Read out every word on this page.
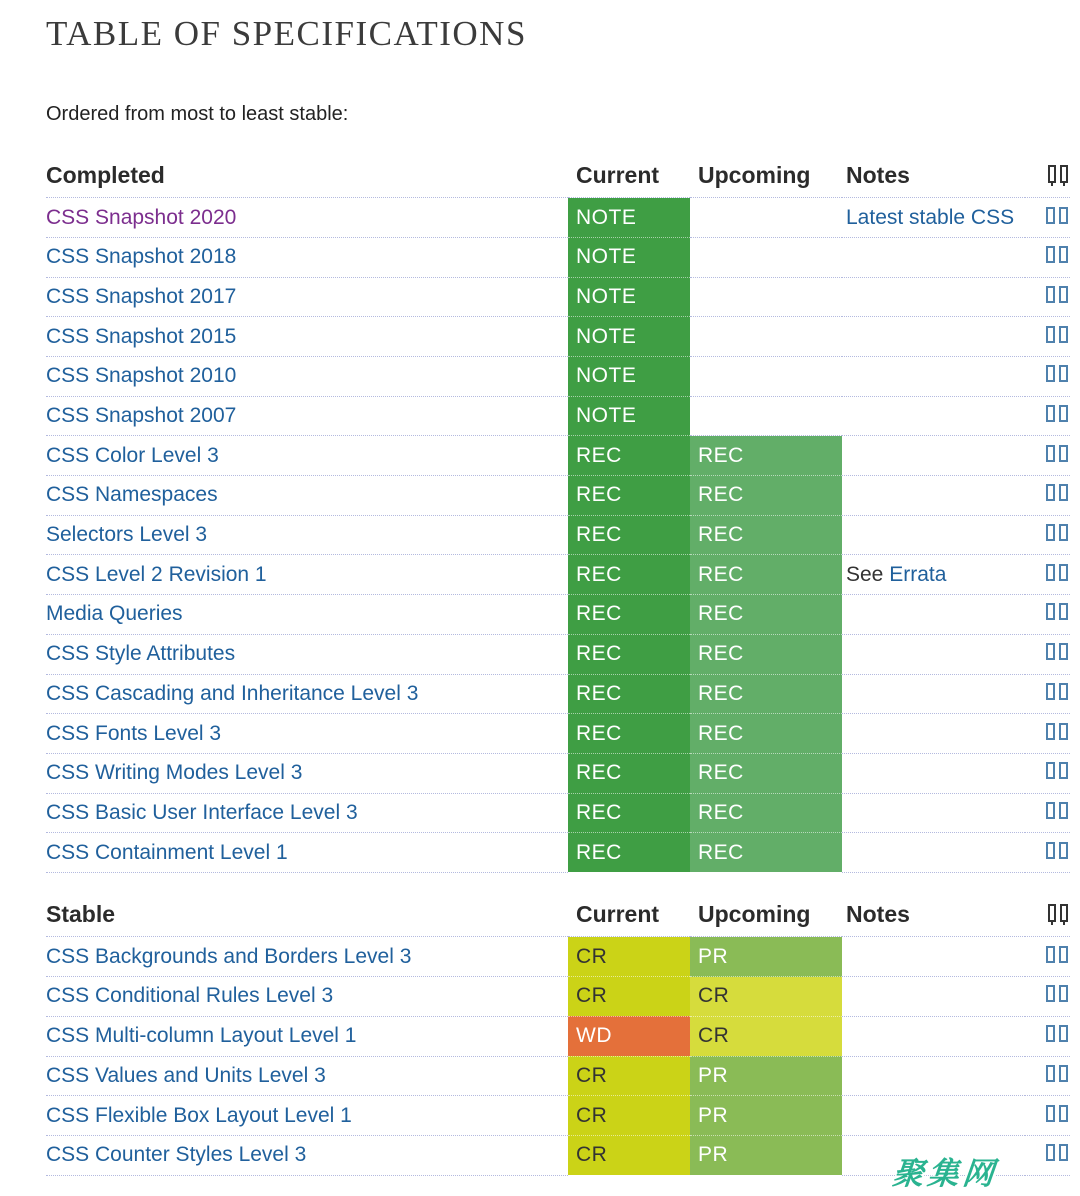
TABLE OF SPECIFICATIONS

Ordered from most to least stable:

Completed	Current	Upcoming	Notes	

CSS Snapshot 2020	NOTE		Latest stable CSS	

CSS Snapshot 2018	NOTE			

CSS Snapshot 2017	NOTE			

CSS Snapshot 2015	NOTE			

CSS Snapshot 2010	NOTE			

CSS Snapshot 2007	NOTE			

CSS Color Level 3	REC	REC		

CSS Namespaces	REC	REC		

Selectors Level 3	REC	REC		

CSS Level 2 Revision 1	REC	REC	See Errata	

Media Queries	REC	REC		

CSS Style Attributes	REC	REC		

CSS Cascading and Inheritance Level 3	REC	REC		

CSS Fonts Level 3	REC	REC		

CSS Writing Modes Level 3	REC	REC		

CSS Basic User Interface Level 3	REC	REC		

CSS Containment Level 1	REC	REC		
Stable	Current	Upcoming	Notes	

CSS Backgrounds and Borders Level 3	CR	PR		

CSS Conditional Rules Level 3	CR	CR		

CSS Multi-column Layout Level 1	WD	CR		

CSS Values and Units Level 3	CR	PR		

CSS Flexible Box Layout Level 1	CR	PR		

CSS Counter Styles Level 3	CR	PR		
聚集网
